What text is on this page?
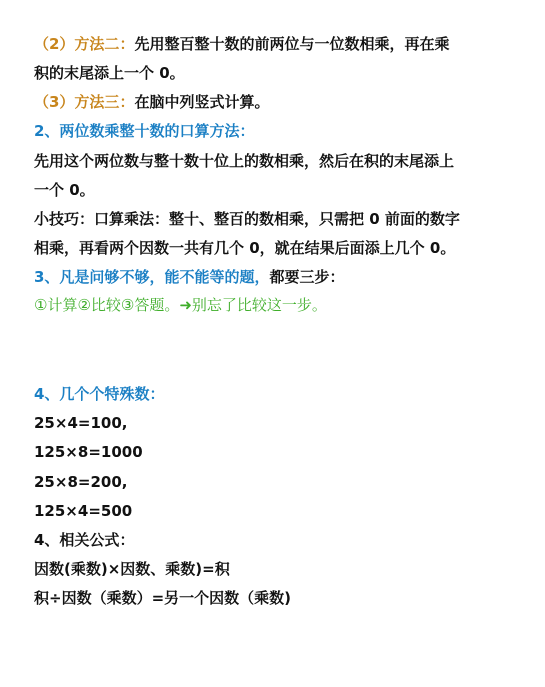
（2）方法二：先用整百整十数的前两位与一位数相乘，再在乘
积的末尾添上一个 0。
（3）方法三：在脑中列竖式计算。
2、两位数乘整十数的口算方法：
先用这个两位数与整十数十位上的数相乘，然后在积的末尾添上
一个 0。
小技巧：口算乘法：整十、整百的数相乘，只需把 0 前面的数字
相乘，再看两个因数一共有几个 0，就在结果后面添上几个 0。
3、凡是问够不够，能不能等的题，都要三步：
①计算②比较③答题。➜别忘了比较这一步。
4、几个个特殊数：
25×4=100,
125×8=1000
25×8=200,
125×4=500
4、相关公式：
因数(乘数)×因数、乘数)=积
积÷因数（乘数）=另一个因数（乘数)
